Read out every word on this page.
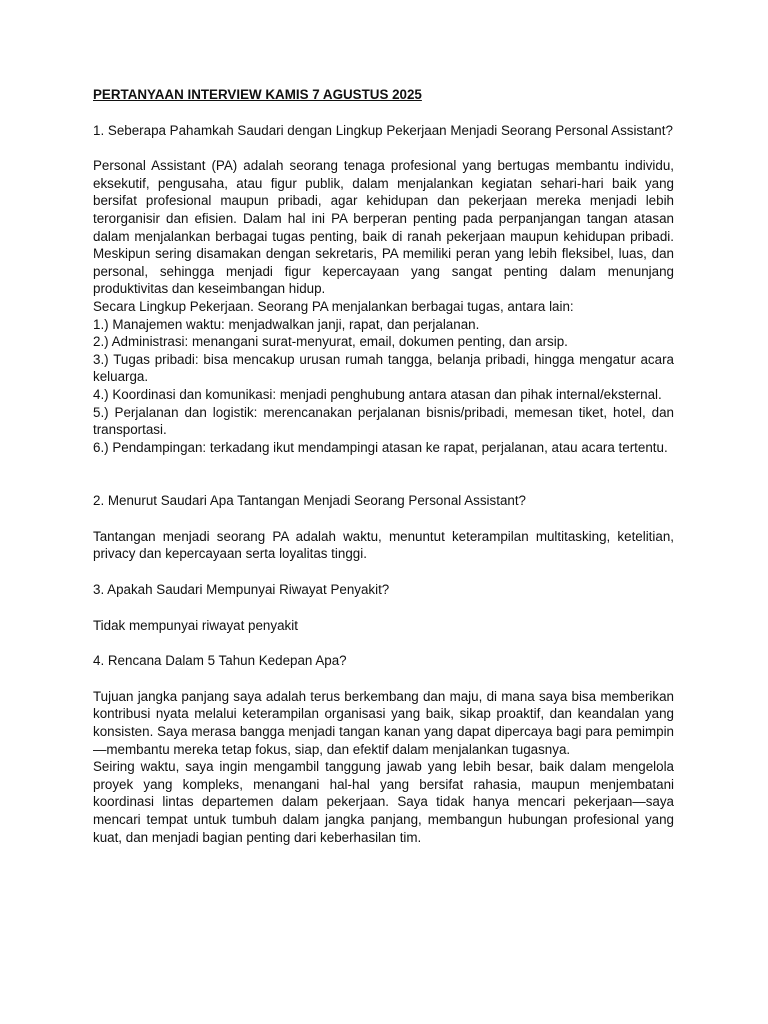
PERTANYAAN INTERVIEW KAMIS 7 AGUSTUS 2025

1. Seberapa Pahamkah Saudari dengan Lingkup Pekerjaan Menjadi Seorang Personal Assistant?

Personal Assistant (PA) adalah seorang tenaga profesional yang bertugas membantu individu, eksekutif, pengusaha, atau figur publik, dalam menjalankan kegiatan sehari-hari baik yang bersifat profesional maupun pribadi, agar kehidupan dan pekerjaan mereka menjadi lebih terorganisir dan efisien. Dalam hal ini PA berperan penting pada perpanjangan tangan atasan dalam menjalankan berbagai tugas penting, baik di ranah pekerjaan maupun kehidupan pribadi. Meskipun sering disamakan dengan sekretaris, PA memiliki peran yang lebih fleksibel, luas, dan personal, sehingga menjadi figur kepercayaan yang sangat penting dalam menunjang produktivitas dan keseimbangan hidup.

Secara Lingkup Pekerjaan. Seorang PA menjalankan berbagai tugas, antara lain:

1.) Manajemen waktu: menjadwalkan janji, rapat, dan perjalanan.

2.) Administrasi: menangani surat-menyurat, email, dokumen penting, dan arsip.

3.) Tugas pribadi: bisa mencakup urusan rumah tangga, belanja pribadi, hingga mengatur acara keluarga.

4.) Koordinasi dan komunikasi: menjadi penghubung antara atasan dan pihak internal/eksternal.

5.) Perjalanan dan logistik: merencanakan perjalanan bisnis/pribadi, memesan tiket, hotel, dan transportasi.

6.) Pendampingan: terkadang ikut mendampingi atasan ke rapat, perjalanan, atau acara tertentu.

2. Menurut Saudari Apa Tantangan Menjadi Seorang Personal Assistant?

Tantangan menjadi seorang PA adalah waktu, menuntut keterampilan multitasking, ketelitian, privacy dan kepercayaan serta loyalitas tinggi.

3. Apakah Saudari Mempunyai Riwayat Penyakit?

Tidak mempunyai riwayat penyakit

4. Rencana Dalam 5 Tahun Kedepan Apa?

Tujuan jangka panjang saya adalah terus berkembang dan maju, di mana saya bisa memberikan kontribusi nyata melalui keterampilan organisasi yang baik, sikap proaktif, dan keandalan yang konsisten. Saya merasa bangga menjadi tangan kanan yang dapat dipercaya bagi para pemimpin—membantu mereka tetap fokus, siap, dan efektif dalam menjalankan tugasnya.

Seiring waktu, saya ingin mengambil tanggung jawab yang lebih besar, baik dalam mengelola proyek yang kompleks, menangani hal-hal yang bersifat rahasia, maupun menjembatani koordinasi lintas departemen dalam pekerjaan. Saya tidak hanya mencari pekerjaan—saya mencari tempat untuk tumbuh dalam jangka panjang, membangun hubungan profesional yang kuat, dan menjadi bagian penting dari keberhasilan tim.
